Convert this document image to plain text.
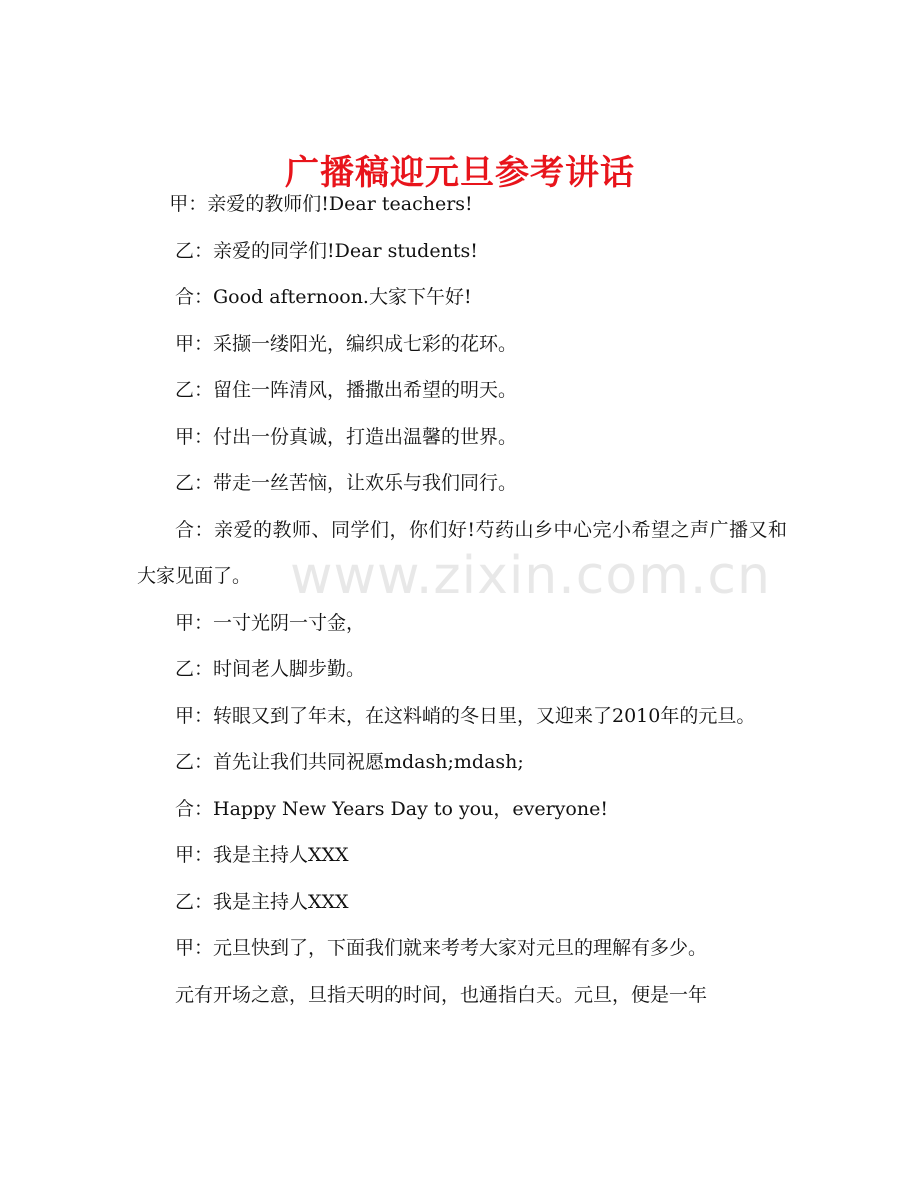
广播稿迎元旦参考讲话

甲：亲爱的教师们!Dear teachers!

乙：亲爱的同学们!Dear students!

合：Good afternoon.大家下午好!

甲：采撷一缕阳光，编织成七彩的花环。

乙：留住一阵清风，播撒出希望的明天。

甲：付出一份真诚，打造出温馨的世界。

乙：带走一丝苦恼，让欢乐与我们同行。

合：亲爱的教师、同学们，你们好!芍药山乡中心完小希望之声广播又和大家见面了。

甲：一寸光阴一寸金，

乙：时间老人脚步勤。

甲：转眼又到了年末，在这料峭的冬日里，又迎来了2010年的元旦。

乙：首先让我们共同祝愿mdash;mdash;

合：Happy New Years Day to you，everyone!

甲：我是主持人XXX

乙：我是主持人XXX

甲：元旦快到了，下面我们就来考考大家对元旦的理解有多少。

元有开场之意，旦指天明的时间，也通指白天。元旦，便是一年

www.zixin.com.cn
